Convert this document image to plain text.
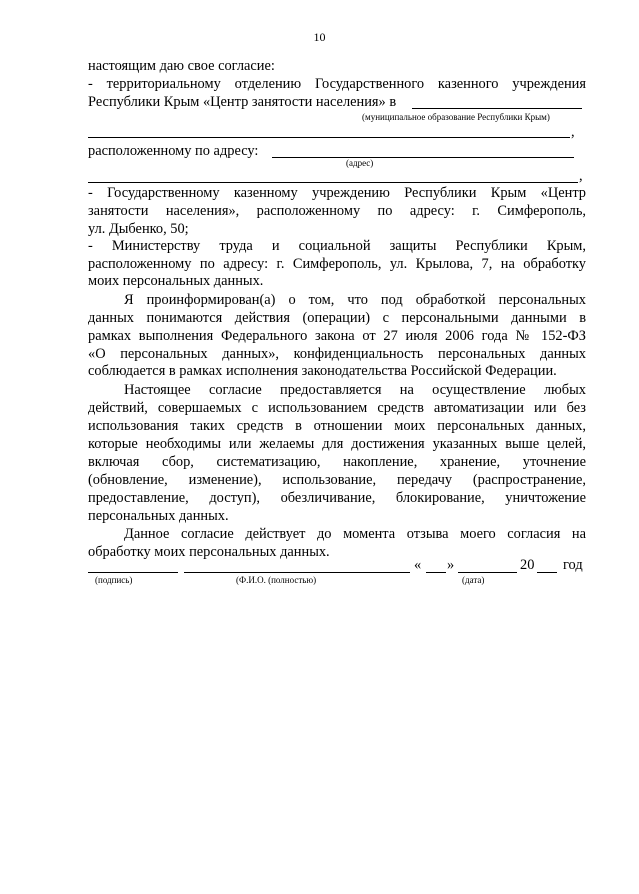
10
настоящим даю свое согласие:
- территориальному отделению Государственного казенного учреждения
Республики Крым «Центр занятости населения» в
(муниципальное образование Республики Крым)
,
расположенному по адресу:
(адрес)
,
- Государственному казенному учреждению Республики Крым «Центр
занятости населения», расположенному по адресу: г. Симферополь,
ул. Дыбенко, 50;
- Министерству труда и социальной защиты Республики Крым,
расположенному по адресу: г. Симферополь, ул. Крылова, 7, на обработку
моих персональных данных.
Я проинформирован(а) о том, что под обработкой персональных
данных понимаются действия (операции) с персональными данными в
рамках выполнения Федерального закона от 27 июля 2006 года № 152-ФЗ
«О персональных данных», конфиденциальность персональных данных
соблюдается в рамках исполнения законодательства Российской Федерации.
Настоящее согласие предоставляется на осуществление любых
действий, совершаемых с использованием средств автоматизации или без
использования таких средств в отношении моих персональных данных,
которые необходимы или желаемы для достижения указанных выше целей,
включая сбор, систематизацию, накопление, хранение, уточнение
(обновление, изменение), использование, передачу (распространение,
предоставление, доступ), обезличивание, блокирование, уничтожение
персональных данных.
Данное согласие действует до момента отзыва моего согласия на
обработку моих персональных данных.
«	»	20 год
(подпись)	(Ф.И.О. (полностью)	(дата)
